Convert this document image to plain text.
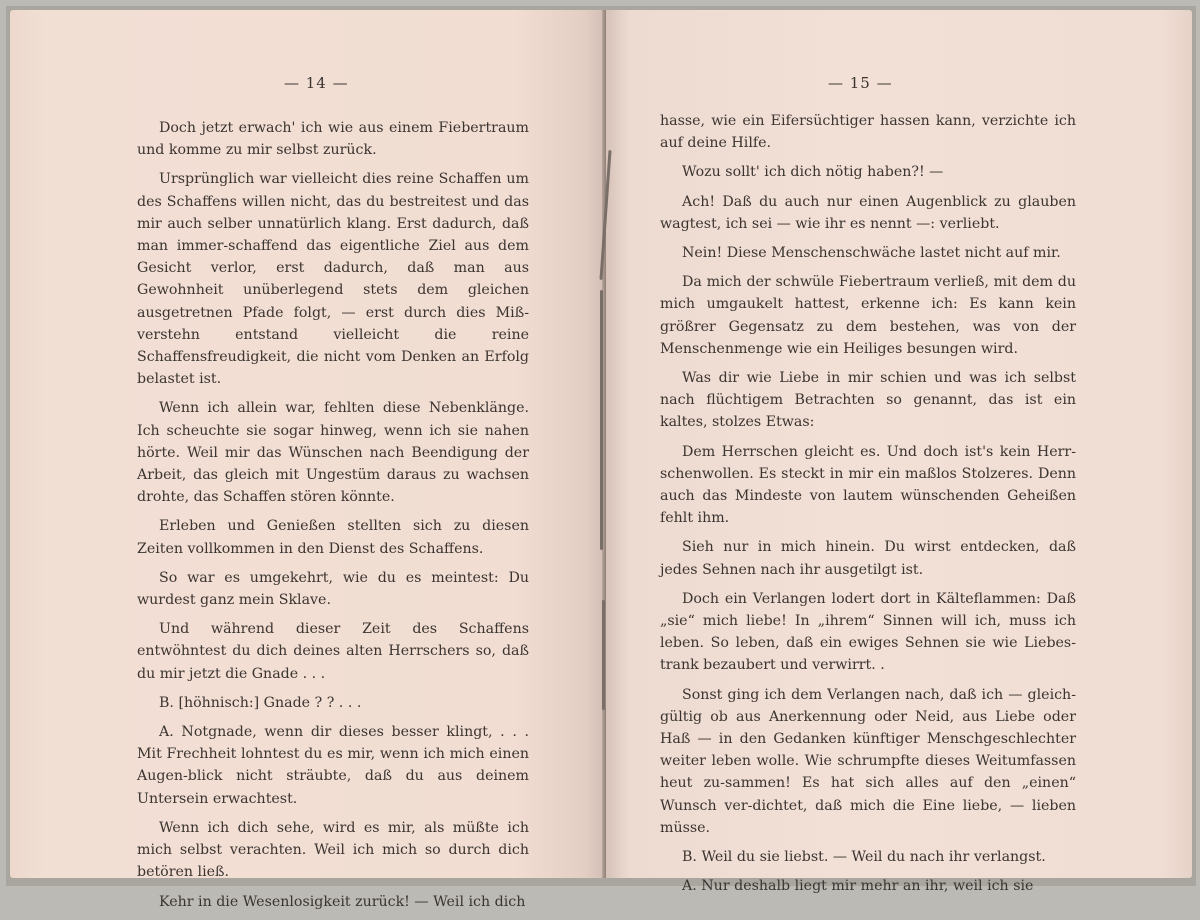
— 14 —

Doch jetzt erwach' ich wie aus einem Fiebertraum und komme zu mir selbst zurück.

Ursprünglich war vielleicht dies reine Schaffen um des Schaffens willen nicht, das du bestreitest und das mir auch selber unnatürlich klang. Erst dadurch, daß man immer-schaffend das eigentliche Ziel aus dem Gesicht verlor, erst dadurch, daß man aus Gewohnheit unüberlegend stets dem gleichen ausgetretnen Pfade folgt, — erst durch dies Miß-verstehn entstand vielleicht die reine Schaffensfreudigkeit, die nicht vom Denken an Erfolg belastet ist.

Wenn ich allein war, fehlten diese Nebenklänge. Ich scheuchte sie sogar hinweg, wenn ich sie nahen hörte. Weil mir das Wünschen nach Beendigung der Arbeit, das gleich mit Ungestüm daraus zu wachsen drohte, das Schaffen stören könnte.

Erleben und Genießen stellten sich zu diesen Zeiten vollkommen in den Dienst des Schaffens.

So war es umgekehrt, wie du es meintest: Du wurdest ganz mein Sklave.

Und während dieser Zeit des Schaffens entwöhntest du dich deines alten Herrschers so, daß du mir jetzt die Gnade . . .

B. [höhnisch:] Gnade ? ? . . .

A. Notgnade, wenn dir dieses besser klingt, . . . Mit Frechheit lohntest du es mir, wenn ich mich einen Augen-blick nicht sträubte, daß du aus deinem Untersein erwachtest.

Wenn ich dich sehe, wird es mir, als müßte ich mich selbst verachten. Weil ich mich so durch dich betören ließ.

Kehr in die Wesenlosigkeit zurück! — Weil ich dich

— 15 —

hasse, wie ein Eifersüchtiger hassen kann, verzichte ich auf deine Hilfe.

Wozu sollt' ich dich nötig haben?! —

Ach! Daß du auch nur einen Augenblick zu glauben wagtest, ich sei — wie ihr es nennt —: verliebt.

Nein! Diese Menschenschwäche lastet nicht auf mir.

Da mich der schwüle Fiebertraum verließ, mit dem du mich umgaukelt hattest, erkenne ich: Es kann kein größrer Gegensatz zu dem bestehen, was von der Menschenmenge wie ein Heiliges besungen wird.

Was dir wie Liebe in mir schien und was ich selbst nach flüchtigem Betrachten so genannt, das ist ein kaltes, stolzes Etwas:

Dem Herrschen gleicht es. Und doch ist's kein Herr-schenwollen. Es steckt in mir ein maßlos Stolzeres. Denn auch das Mindeste von lautem wünschenden Geheißen fehlt ihm.

Sieh nur in mich hinein. Du wirst entdecken, daß jedes Sehnen nach ihr ausgetilgt ist.

Doch ein Verlangen lodert dort in Kälteflammen: Daß „sie“ mich liebe! In „ihrem“ Sinnen will ich, muss ich leben. So leben, daß ein ewiges Sehnen sie wie Liebes-trank bezaubert und verwirrt. .

Sonst ging ich dem Verlangen nach, daß ich — gleich-gültig ob aus Anerkennung oder Neid, aus Liebe oder Haß — in den Gedanken künftiger Menschgeschlechter weiter leben wolle. Wie schrumpfte dieses Weitumfassen heut zu-sammen! Es hat sich alles auf den „einen“ Wunsch ver-dichtet, daß mich die Eine liebe, — lieben müsse.

B. Weil du sie liebst. — Weil du nach ihr verlangst.

A. Nur deshalb liegt mir mehr an ihr, weil ich sie
